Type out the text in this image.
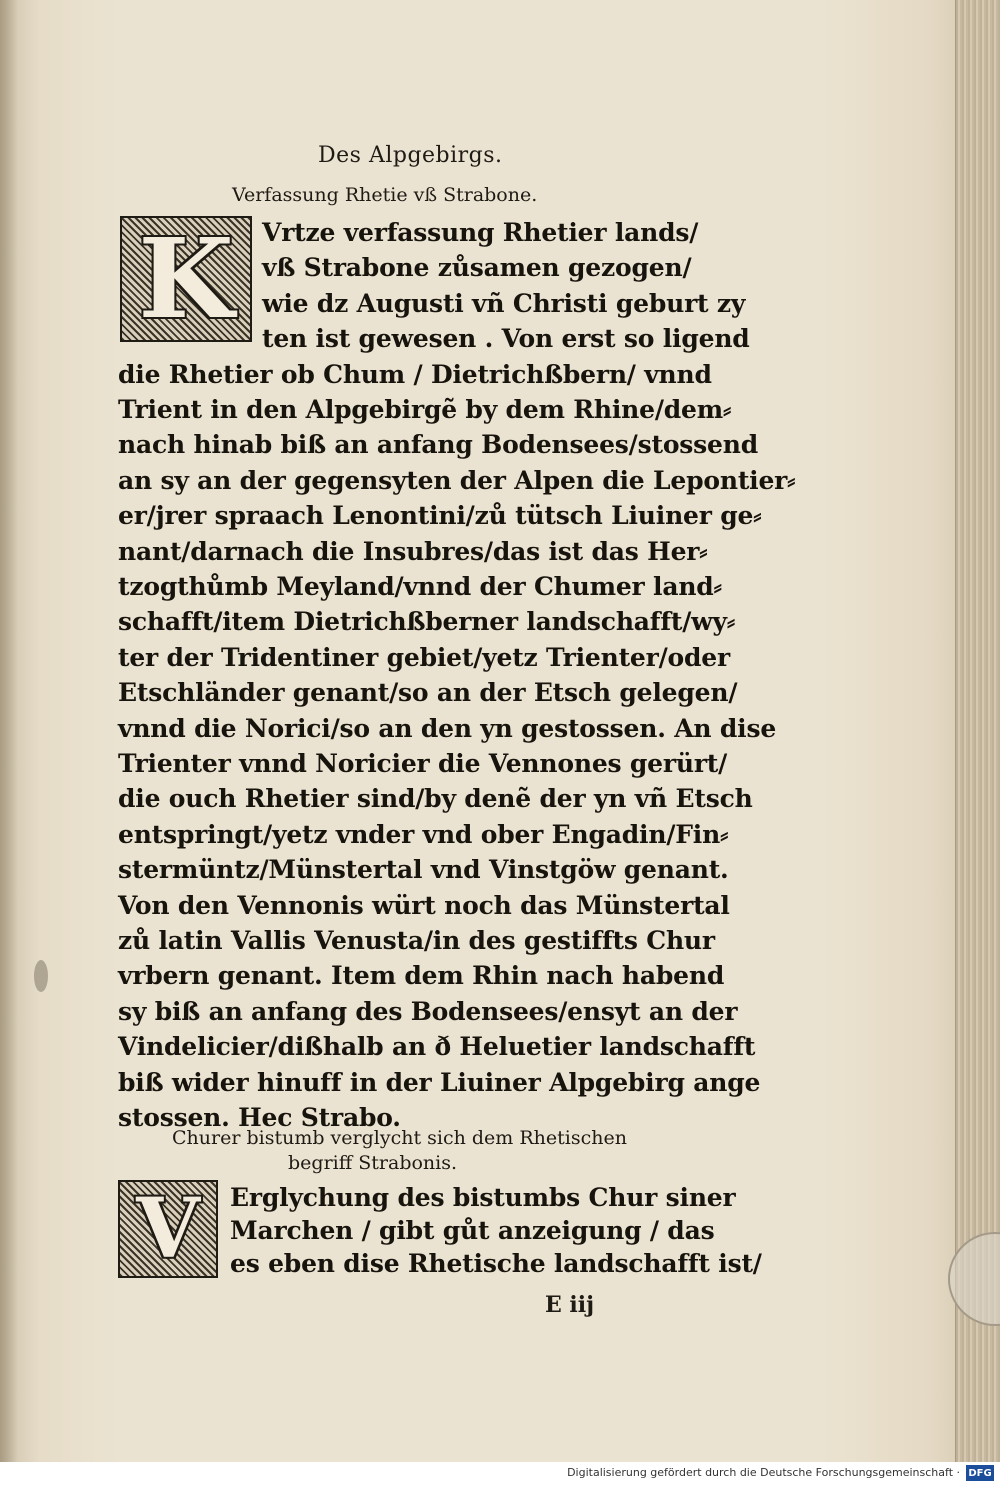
Des Alpgebirgs.
Verfassung Rhetie vß Strabone.
K
Churer bistumb verglycht sich dem Rhetischen
begriff Strabonis.
V
E iij
Vrtze verfassung Rhetier lands/
vß Strabone zůsamen gezogen/
wie dz Augusti vñ Christi geburt zy
ten ist gewesen . Von erst so ligend
die Rhetier ob Chum / Dietrichßbern/ vnnd
Trient in den Alpgebirgẽ by dem Rhine/dem⸗
nach hinab biß an anfang Bodensees/stossend
an sy an der gegensyten der Alpen die Lepontier⸗
er/jrer spraach Lenontini/zů tütsch Liuiner ge⸗
nant/darnach die Insubres/das ist das Her⸗
tzogthůmb Meyland/vnnd der Chumer land⸗
schafft/item Dietrichßberner landschafft/wy⸗
ter der Tridentiner gebiet/yetz Trienter/oder
Etschländer genant/so an der Etsch gelegen/
vnnd die Norici/so an den yn gestossen. An dise
Trienter vnnd Noricier die Vennones gerürt/
die ouch Rhetier sind/by denẽ der yn vñ Etsch
entspringt/yetz vnder vnd ober Engadin/Fin⸗
stermüntz/Münstertal vnd Vinstgöw genant.
Von den Vennonis würt noch das Münstertal
zů latin Vallis Venusta/in des gestiffts Chur
vrbern genant. Item dem Rhin nach habend
sy biß an anfang des Bodensees/ensyt an der
Vindelicier/dißhalb an ð Heluetier landschafft
biß wider hinuff in der Liuiner Alpgebirg ange
stossen. Hec Strabo.
Erglychung des bistumbs Chur siner
Marchen / gibt gůt anzeigung / das
es eben dise Rhetische landschafft ist/
Digitalisierung gefördert durch die Deutsche Forschungsgemeinschaft · DFG
